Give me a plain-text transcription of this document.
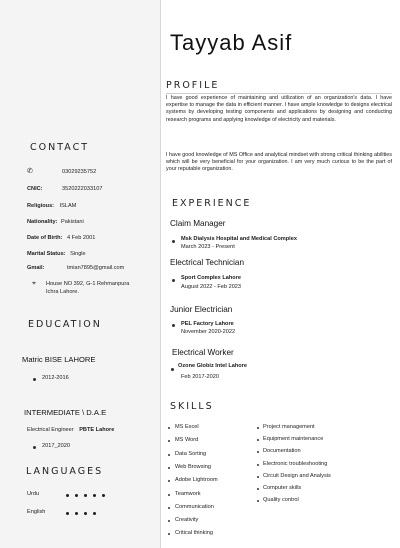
Tayyab Asif
PROFILE
I have good experience of maintaining and utilization of an organization's data. I have expertise to manage the data in efficient manner. I have ample knowledge to designs electrical systems by developing testing components and applications by designing and conducting research programs and applying knowledge of electricity and materials.
I have good knowledge of MS Office and analytical mindset with strong critical thinking abilities which will be very beneficial for your organization. I am very much curious to be the part of your reputable organization.
CONTACT
✆	03029235752
CNIC:	3520222033107
Religious: ISLAM
Nationality: Pakistani
Date of Birth: 4 Feb 2001
Marital Status: Single
Gmail:	tmian7895@gmail.com
⌖ House NO 392, G-1 Rehmanpura
Ichra Lahore.
EDUCATION
Matric BISE LAHORE
2012-2016
INTERMEDIATE \ D.A.E
Electrical Engineer PBTE Lahore
2017_2020
LANGUAGES
Urdu
English
EXPERIENCE
Claim Manager
Msk Dialysis Hospital and Medical Complex
March 2023 - Present
Electrical Technician
Sport Complex Lahore
August 2022 - Feb 2023
Junior Electrician
PEL Factory Lahore
November 2020-2022
Electrical Worker
Ozone Globiz Intel Lahore
Feb 2017-2020
SKILLS
MS Excel
MS Word
Data Sorting
Web Browsing
Adobe Lightroom
Teamwork
Communication
Creativity
Critical thinking
Project management
Equipment maintenance
Documentation
Electronic troubleshooting
Circuit Design and Analysis
Computer skills
Quality control
